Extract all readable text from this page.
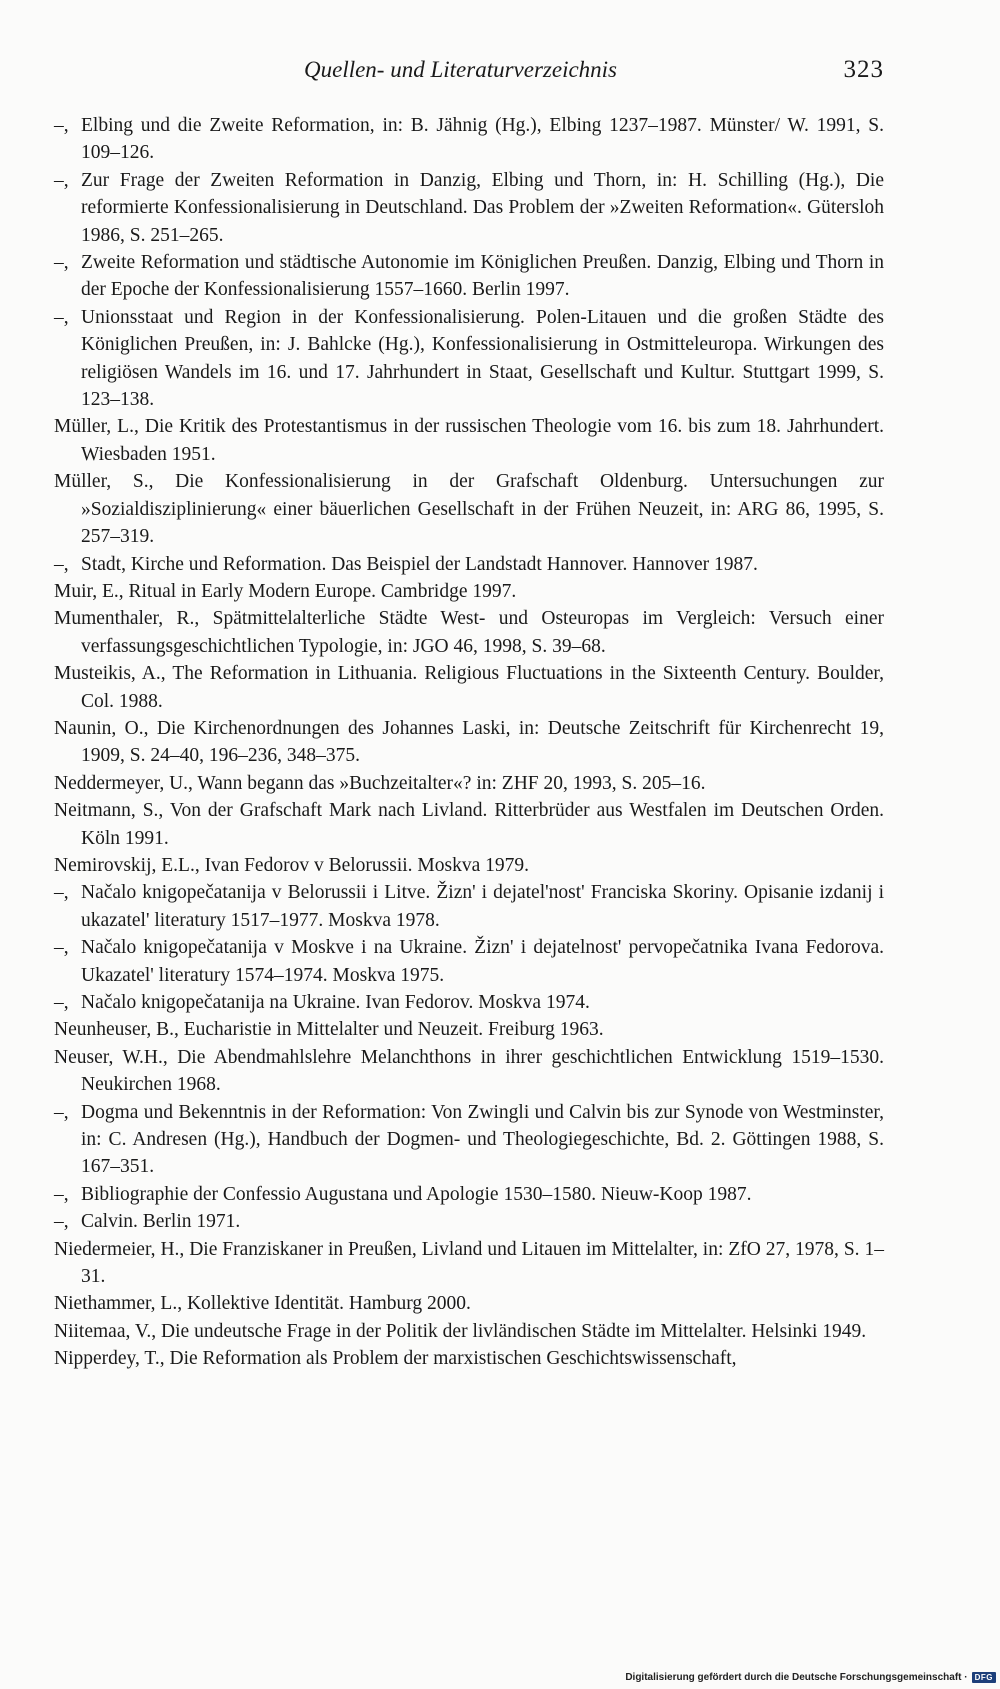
Quellen- und Literaturverzeichnis	323
–, Elbing und die Zweite Reformation, in: B. Jähnig (Hg.), Elbing 1237–1987. Münster/ W. 1991, S. 109–126.
–, Zur Frage der Zweiten Reformation in Danzig, Elbing und Thorn, in: H. Schilling (Hg.), Die reformierte Konfessionalisierung in Deutschland. Das Problem der »Zweiten Reformation«. Gütersloh 1986, S. 251–265.
–, Zweite Reformation und städtische Autonomie im Königlichen Preußen. Danzig, Elbing und Thorn in der Epoche der Konfessionalisierung 1557–1660. Berlin 1997.
–, Unionsstaat und Region in der Konfessionalisierung. Polen-Litauen und die großen Städte des Königlichen Preußen, in: J. Bahlcke (Hg.), Konfessionalisierung in Ostmitteleuropa. Wirkungen des religiösen Wandels im 16. und 17. Jahrhundert in Staat, Gesellschaft und Kultur. Stuttgart 1999, S. 123–138.
Müller, L., Die Kritik des Protestantismus in der russischen Theologie vom 16. bis zum 18. Jahrhundert. Wiesbaden 1951.
Müller, S., Die Konfessionalisierung in der Grafschaft Oldenburg. Untersuchungen zur »Sozialdisziplinierung« einer bäuerlichen Gesellschaft in der Frühen Neuzeit, in: ARG 86, 1995, S. 257–319.
–, Stadt, Kirche und Reformation. Das Beispiel der Landstadt Hannover. Hannover 1987.
Muir, E., Ritual in Early Modern Europe. Cambridge 1997.
Mumenthaler, R., Spätmittelalterliche Städte West- und Osteuropas im Vergleich: Versuch einer verfassungsgeschichtlichen Typologie, in: JGO 46, 1998, S. 39–68.
Musteikis, A., The Reformation in Lithuania. Religious Fluctuations in the Sixteenth Century. Boulder, Col. 1988.
Naunin, O., Die Kirchenordnungen des Johannes Laski, in: Deutsche Zeitschrift für Kirchenrecht 19, 1909, S. 24–40, 196–236, 348–375.
Neddermeyer, U., Wann begann das »Buchzeitalter«? in: ZHF 20, 1993, S. 205–16.
Neitmann, S., Von der Grafschaft Mark nach Livland. Ritterbrüder aus Westfalen im Deutschen Orden. Köln 1991.
Nemirovskij, E.L., Ivan Fedorov v Belorussii. Moskva 1979.
–, Načalo knigopečatanija v Belorussii i Litve. Žizn' i dejatel'nost' Franciska Skoriny. Opisanie izdanij i ukazatel' literatury 1517–1977. Moskva 1978.
–, Načalo knigopečatanija v Moskve i na Ukraine. Žizn' i dejatelnost' pervopečatnika Ivana Fedorova. Ukazatel' literatury 1574–1974. Moskva 1975.
–, Načalo knigopečatanija na Ukraine. Ivan Fedorov. Moskva 1974.
Neunheuser, B., Eucharistie in Mittelalter und Neuzeit. Freiburg 1963.
Neuser, W.H., Die Abendmahlslehre Melanchthons in ihrer geschichtlichen Entwicklung 1519–1530. Neukirchen 1968.
–, Dogma und Bekenntnis in der Reformation: Von Zwingli und Calvin bis zur Synode von Westminster, in: C. Andresen (Hg.), Handbuch der Dogmen- und Theologiegeschichte, Bd. 2. Göttingen 1988, S. 167–351.
–, Bibliographie der Confessio Augustana und Apologie 1530–1580. Nieuw-Koop 1987.
–, Calvin. Berlin 1971.
Niedermeier, H., Die Franziskaner in Preußen, Livland und Litauen im Mittelalter, in: ZfO 27, 1978, S. 1–31.
Niethammer, L., Kollektive Identität. Hamburg 2000.
Niitemaa, V., Die undeutsche Frage in der Politik der livländischen Städte im Mittelalter. Helsinki 1949.
Nipperdey, T., Die Reformation als Problem der marxistischen Geschichtswissenschaft,
Digitalisierung gefördert durch die Deutsche Forschungsgemeinschaft · DFG
